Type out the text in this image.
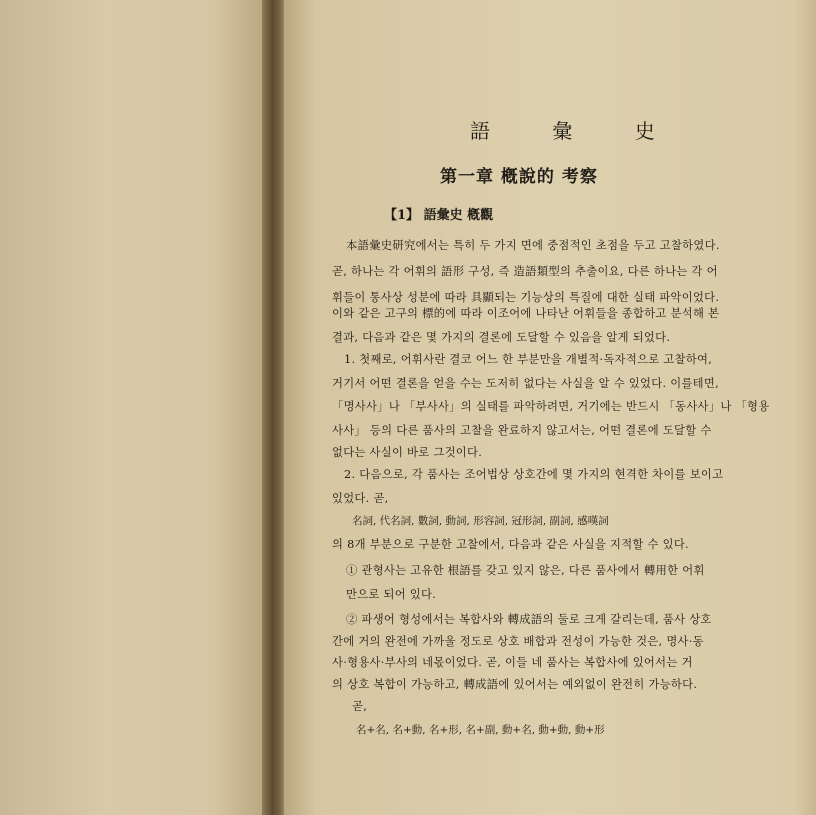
語 彙 史
第一章 槪說的 考察
【1】 語彙史 槪觀
本語彙史研究에서는 특히 두 가지 면에 중점적인 초점을 두고 고찰하였다.
곧, 하나는 각 어휘의 語形 구성, 즉 造語類型의 추출이요, 다른 하나는 각 어
휘들이 통사상 성분에 따라 具顯되는 기능상의 특질에 대한 실태 파악이었다.
이와 같은 고구의 標的에 따라 이조어에 나타난 어휘들을 종합하고 분석해 본
결과, 다음과 같은 몇 가지의 결론에 도달할 수 있음을 알게 되었다.
1. 첫째로, 어휘사란 결코 어느 한 부분만을 개별적·독자적으로 고찰하여,
거기서 어떤 결론을 얻을 수는 도저히 없다는 사실을 알 수 있었다. 이를테면,
「명사사」나 「부사사」의 실태를 파악하려면, 거기에는 반드시 「동사사」나 「형용
사사」 등의 다른 품사의 고찰을 완료하지 않고서는, 어떤 결론에 도달할 수
없다는 사실이 바로 그것이다.
2. 다음으로, 각 품사는 조어법상 상호간에 몇 가지의 현격한 차이를 보이고
있었다. 곧,
名詞, 代名詞, 數詞, 動詞, 形容詞, 冠形詞, 副詞, 感嘆詞
의 8개 부분으로 구분한 고찰에서, 다음과 같은 사실을 지적할 수 있다.
① 관형사는 고유한 根語를 갖고 있지 않은, 다른 품사에서 轉用한 어휘
만으로 되어 있다.
② 파생어 형성에서는 복합사와 轉成語의 둘로 크게 갈리는데, 품사 상호
간에 거의 완전에 가까울 정도로 상호 배합과 전성이 가능한 것은, 명사·동
사·형용사·부사의 네몫이었다. 곧, 이들 네 품사는 복합사에 있어서는 거
의 상호 복합이 가능하고, 轉成語에 있어서는 예외없이 완전히 가능하다.
곧,
名+名, 名+動, 名+形, 名+副, 動+名, 動+動, 動+形
